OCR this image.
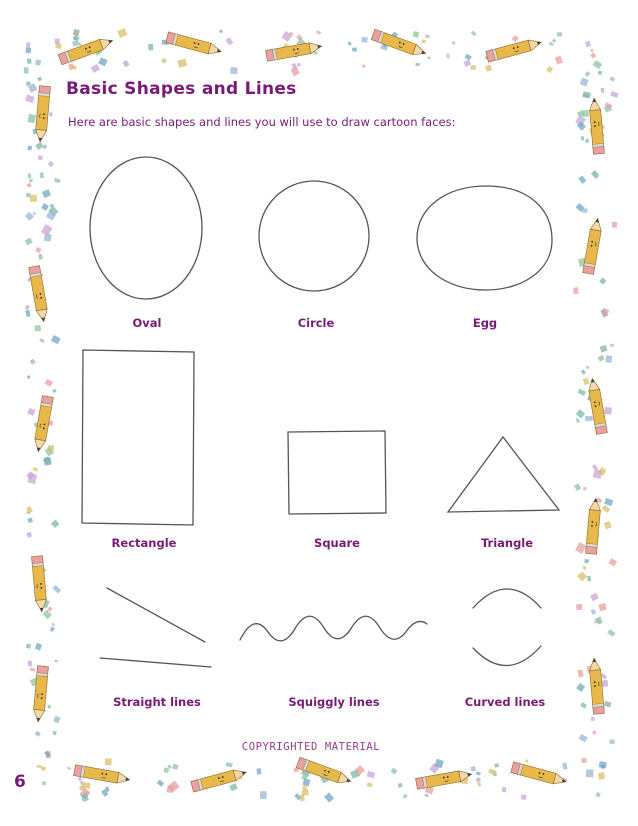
Basic Shapes and Lines
Here are basic shapes and lines you will use to draw cartoon faces:
Oval	Circle	Egg
Rectangle	Square	Triangle
Straight lines	Squiggly lines	Curved lines
COPYRIGHTED MATERIAL
6
